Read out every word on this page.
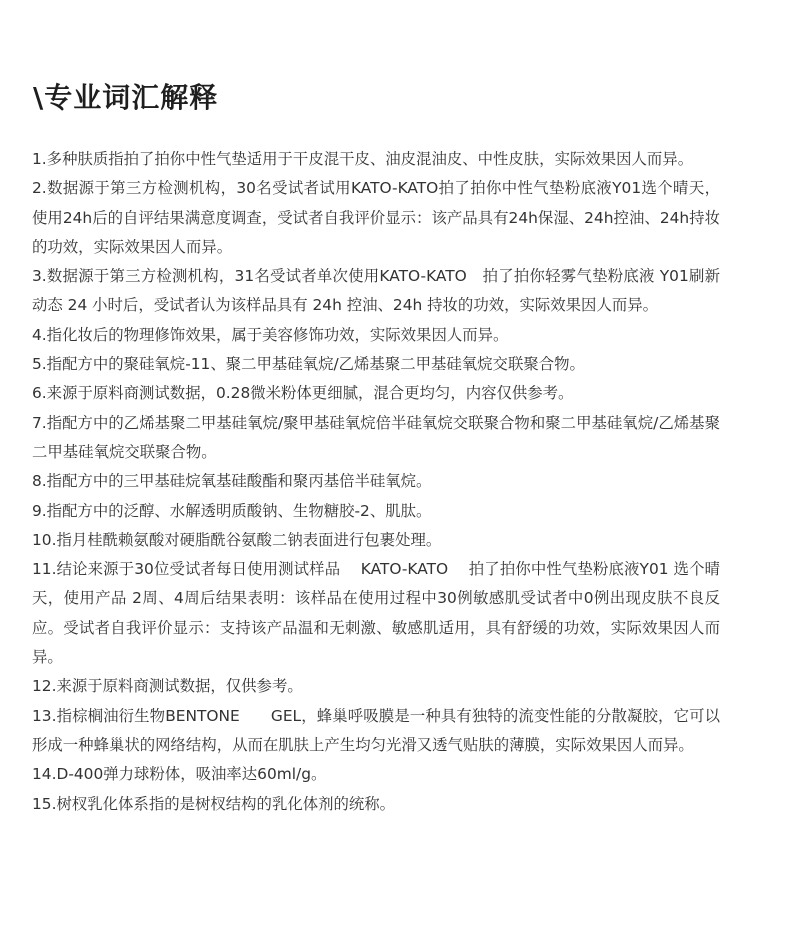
\专业词汇解释
1.多种肤质指拍了拍你中性气垫适用于干皮混干皮、油皮混油皮、中性皮肤，实际效果因人而异。
2.数据源于第三方检测机构，30名受试者试用KATO-KATO拍了拍你中性气垫粉底液Y01选个晴天，使用24h后的自评结果满意度调查，受试者自我评价显示：该产品具有24h保湿、24h控油、24h持妆的功效，实际效果因人而异。
3.数据源于第三方检测机构，31名受试者单次使用KATO-KATO　拍了拍你轻雾气垫粉底液 Y01刷新动态 24 小时后，受试者认为该样品具有 24h 控油、24h 持妆的功效，实际效果因人而异。
4.指化妆后的物理修饰效果，属于美容修饰功效，实际效果因人而异。
5.指配方中的聚硅氧烷-11、聚二甲基硅氧烷/乙烯基聚二甲基硅氧烷交联聚合物。
6.来源于原料商测试数据，0.28微米粉体更细腻，混合更均匀，内容仅供参考。
7.指配方中的乙烯基聚二甲基硅氧烷/聚甲基硅氧烷倍半硅氧烷交联聚合物和聚二甲基硅氧烷/乙烯基聚二甲基硅氧烷交联聚合物。
8.指配方中的三甲基硅烷氧基硅酸酯和聚丙基倍半硅氧烷。
9.指配方中的泛醇、水解透明质酸钠、生物糖胶-2、肌肽。
10.指月桂酰赖氨酸对硬脂酰谷氨酸二钠表面进行包裹处理。
11.结论来源于30位受试者每日使用测试样品　 KATO-KATO　 拍了拍你中性气垫粉底液Y01 选个晴天，使用产品 2周、4周后结果表明：该样品在使用过程中30例敏感肌受试者中0例出现皮肤不良反应。受试者自我评价显示：支持该产品温和无刺激、敏感肌适用，具有舒缓的功效，实际效果因人而异。
12.来源于原料商测试数据，仅供参考。
13.指棕榈油衍生物BENTONE　　GEL，蜂巢呼吸膜是一种具有独特的流变性能的分散凝胶，它可以形成一种蜂巢状的网络结构，从而在肌肤上产生均匀光滑又透气贴肤的薄膜，实际效果因人而异。
14.D-400弹力球粉体，吸油率达60ml/g。
15.树杈乳化体系指的是树杈结构的乳化体剂的统称。
